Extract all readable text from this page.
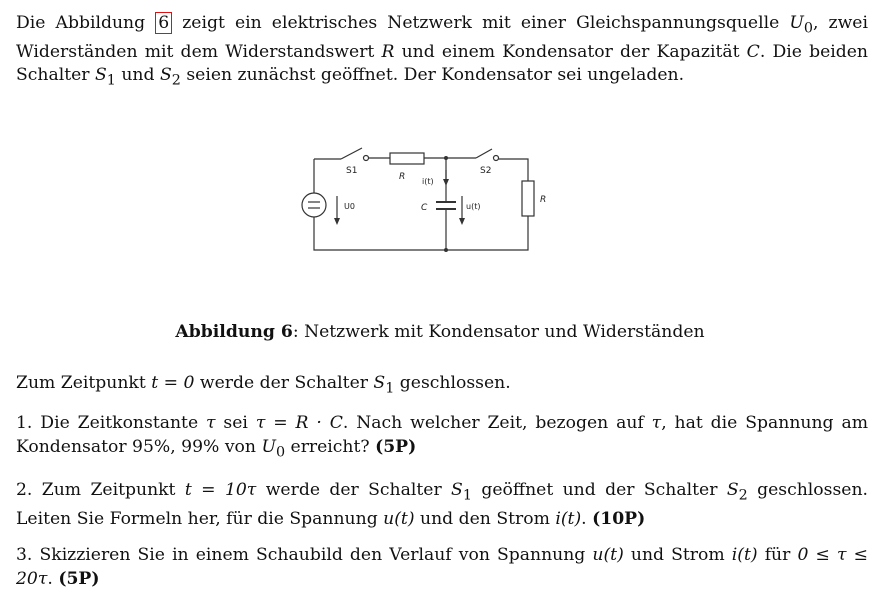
Die Abbildung 6 zeigt ein elektrisches Netzwerk mit einer Gleichspannungsquelle $U_0$, zwei Widerständen mit dem Widerstandswert R und einem Kondensator der Kapazität C. Die beiden Schalter $S_1$ und $S_2$ seien zunächst geöffnet. Der Kondensator sei ungeladen.

S1
R i(t)
S2
U0	C	u(t)
R
Abbildung 6: Netzwerk mit Kondensator und Widerständen

Zum Zeitpunkt t = 0 werde der Schalter $S_1$ geschlossen.

1. Die Zeitkonstante τ sei τ = R · C. Nach welcher Zeit, bezogen auf τ, hat die Spannung am Kondensator 95%, 99% von $U_0$ erreicht? (5P)

2. Zum Zeitpunkt t = 10τ werde der Schalter $S_1$ geöffnet und der Schalter $S_2$ geschlossen. Leiten Sie Formeln her, für die Spannung u(t) und den Strom i(t). (10P)

3. Skizzieren Sie in einem Schaubild den Verlauf von Spannung u(t) und Strom i(t) für 0 ≤ τ ≤ 20τ. (5P)
